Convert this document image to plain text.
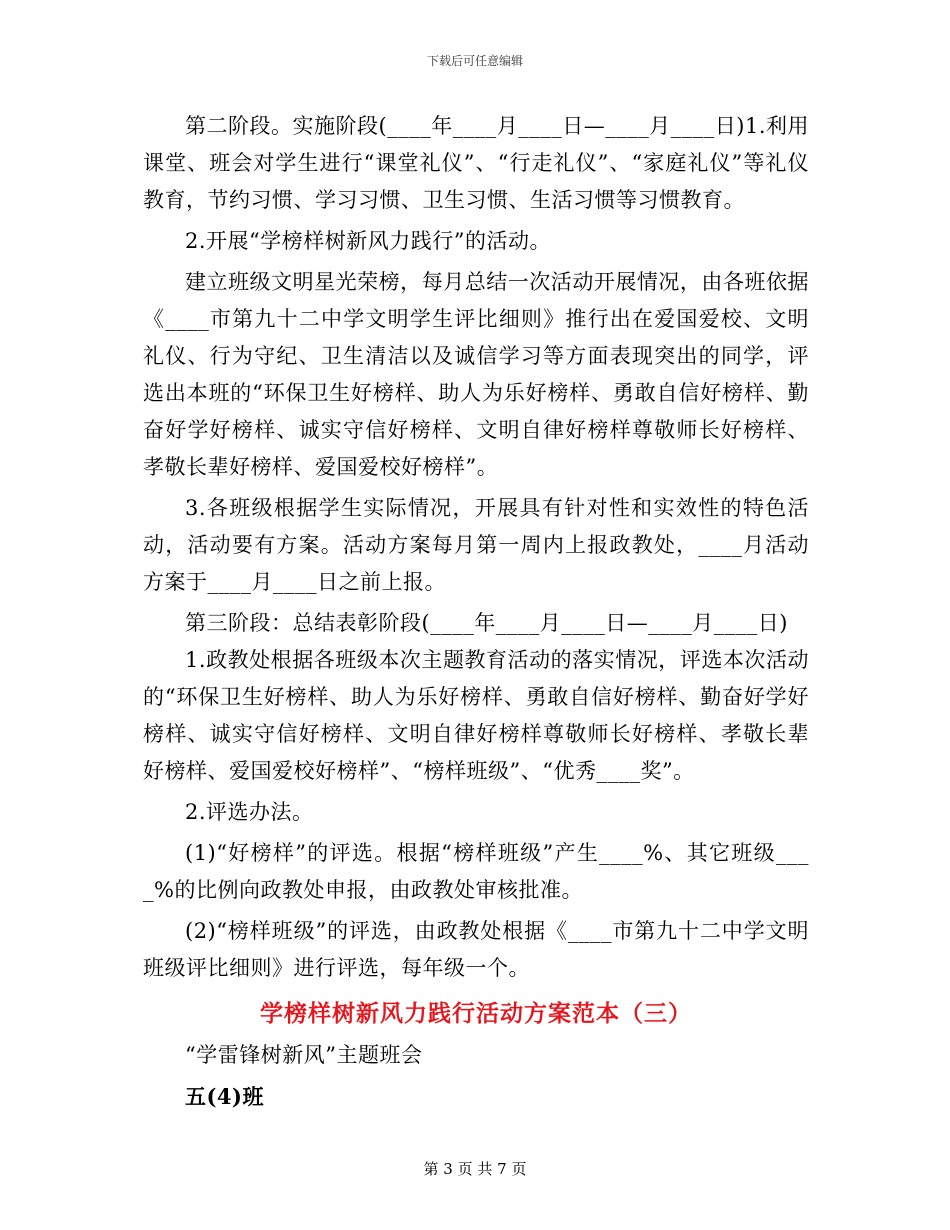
下载后可任意编辑

第二阶段。实施阶段(____年____月____日—____月____日)1.利用课堂、班会对学生进行“课堂礼仪”、“行走礼仪”、“家庭礼仪”等礼仪教育，节约习惯、学习习惯、卫生习惯、生活习惯等习惯教育。

2.开展“学榜样树新风力践行”的活动。

建立班级文明星光荣榜，每月总结一次活动开展情况，由各班依据《____市第九十二中学文明学生评比细则》推行出在爱国爱校、文明礼仪、行为守纪、卫生清洁以及诚信学习等方面表现突出的同学，评选出本班的“环保卫生好榜样、助人为乐好榜样、勇敢自信好榜样、勤奋好学好榜样、诚实守信好榜样、文明自律好榜样尊敬师长好榜样、孝敬长辈好榜样、爱国爱校好榜样”。

3.各班级根据学生实际情况，开展具有针对性和实效性的特色活动，活动要有方案。活动方案每月第一周内上报政教处，____月活动方案于____月____日之前上报。

第三阶段：总结表彰阶段(____年____月____日—____月____日)

1.政教处根据各班级本次主题教育活动的落实情况，评选本次活动的“环保卫生好榜样、助人为乐好榜样、勇敢自信好榜样、勤奋好学好榜样、诚实守信好榜样、文明自律好榜样尊敬师长好榜样、孝敬长辈好榜样、爱国爱校好榜样”、“榜样班级”、“优秀____奖”。

2.评选办法。

(1)“好榜样”的评选。根据“榜样班级”产生____%、其它班级____%的比例向政教处申报，由政教处审核批准。

(2)“榜样班级”的评选，由政教处根据《____市第九十二中学文明班级评比细则》进行评选，每年级一个。

学榜样树新风力践行活动方案范本（三）

“学雷锋树新风”主题班会

五(4)班

第 3 页 共 7 页
